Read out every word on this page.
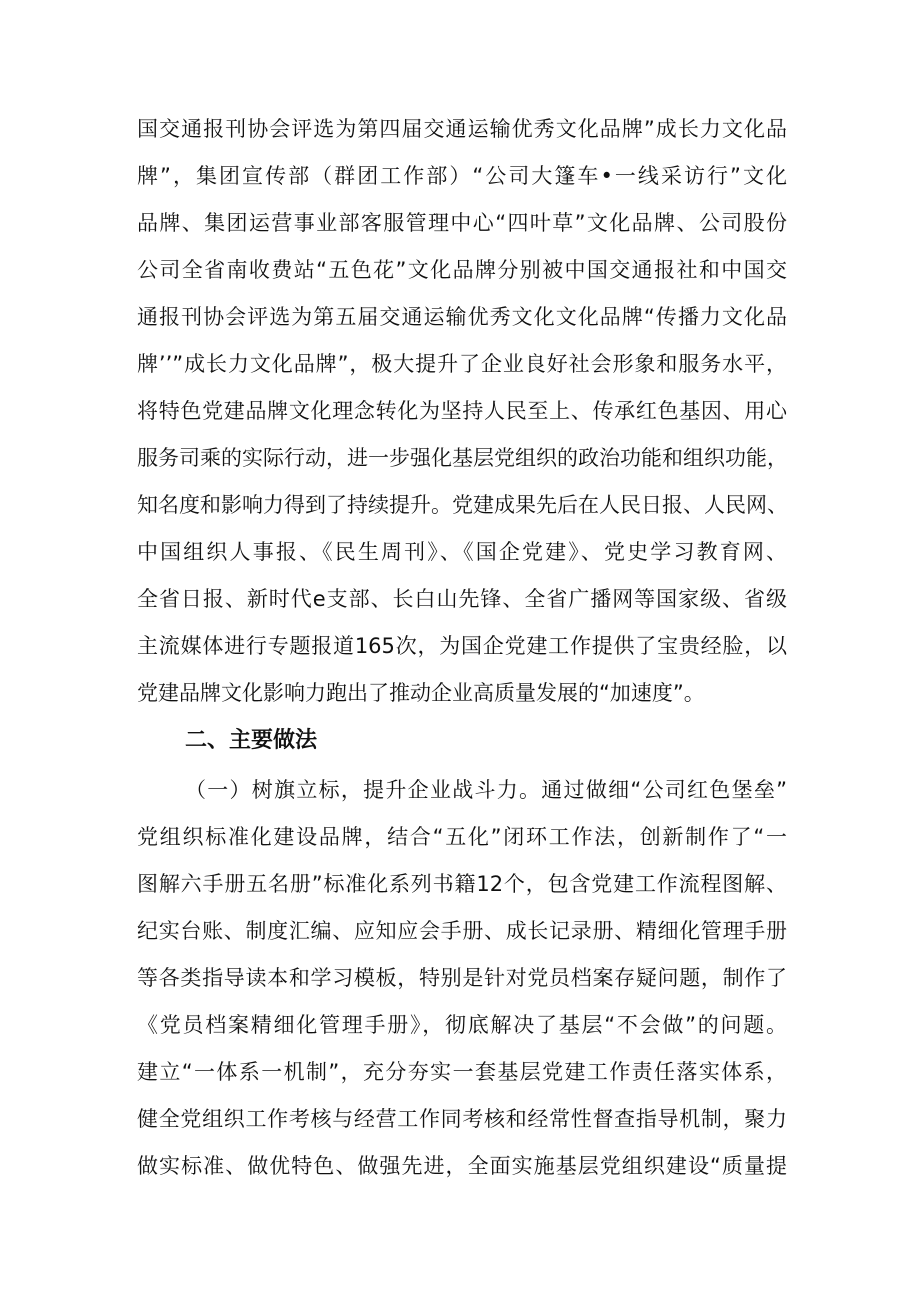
国交通报刊协会评选为第四届交通运输优秀文化品牌”成长力文化品
牌”，集团宣传部（群团工作部）“公司大篷车•一线采访行”文化
品牌、集团运营事业部客服管理中心“四叶草”文化品牌、公司股份
公司全省南收费站“五色花”文化品牌分别被中国交通报社和中国交
通报刊协会评选为第五届交通运输优秀文化文化品牌“传播力文化品
牌’’”成长力文化品牌”，极大提升了企业良好社会形象和服务水平，
将特色党建品牌文化理念转化为坚持人民至上、传承红色基因、用心
服务司乘的实际行动，进一步强化基层党组织的政治功能和组织功能，
知名度和影响力得到了持续提升。党建成果先后在人民日报、人民网、
中国组织人事报、《民生周刊》、《国企党建》、党史学习教育网、
全省日报、新时代e支部、长白山先锋、全省广播网等国家级、省级
主流媒体进行专题报道165次，为国企党建工作提供了宝贵经脸，以
党建品牌文化影响力跑出了推动企业高质量发展的“加速度”。
二、主要做法
（一）树旗立标，提升企业战斗力。通过做细“公司红色堡垒”
党组织标准化建设品牌，结合“五化”闭环工作法，创新制作了“一
图解六手册五名册”标准化系列书籍12个，包含党建工作流程图解、
纪实台账、制度汇编、应知应会手册、成长记录册、精细化管理手册
等各类指导读本和学习模板，特别是针对党员档案存疑问题，制作了
《党员档案精细化管理手册》，彻底解决了基层“不会做”的问题。
建立“一体系一机制”，充分夯实一套基层党建工作责任落实体系，
健全党组织工作考核与经营工作同考核和经常性督查指导机制，聚力
做实标准、做优特色、做强先进，全面实施基层党组织建设“质量提
